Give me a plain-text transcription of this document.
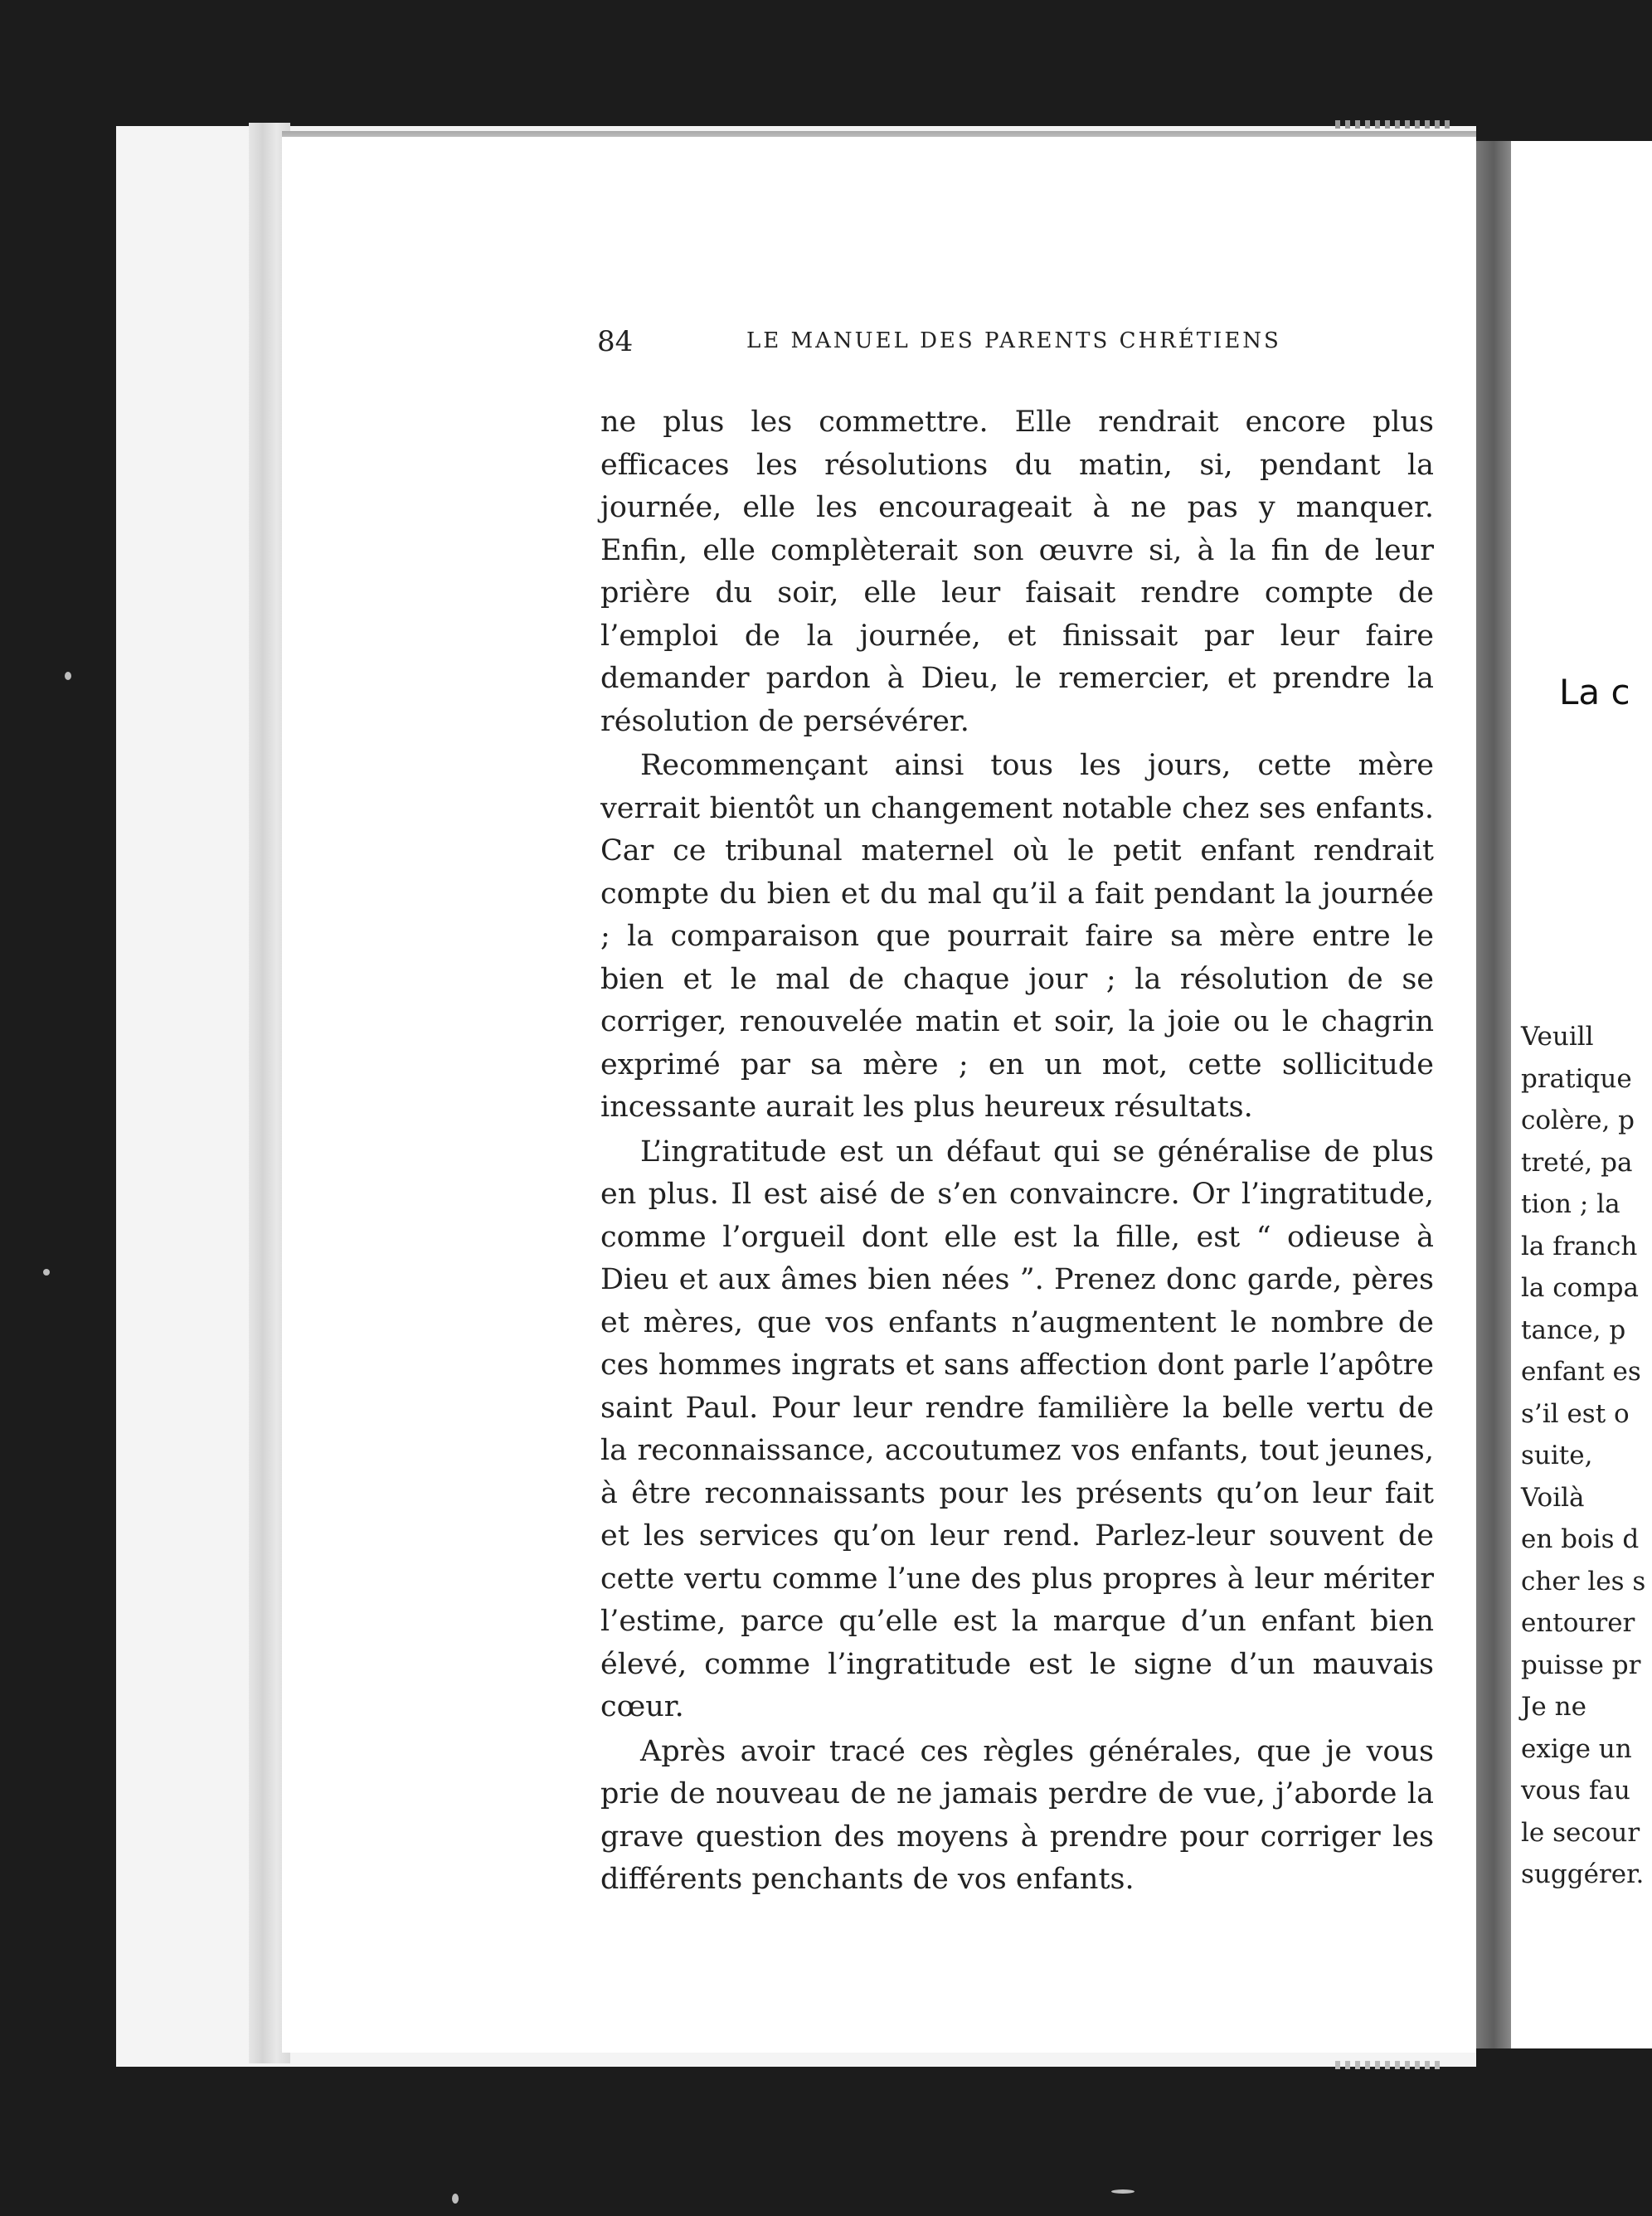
84	LE MANUEL DES PARENTS CHRÉTIENS

ne plus les commettre. Elle rendrait encore plus efficaces les résolutions du matin, si, pendant la journée, elle les encourageait à ne pas y manquer. Enfin, elle complèterait son œuvre si, à la fin de leur prière du soir, elle leur faisait rendre compte de l’emploi de la journée, et finissait par leur faire demander pardon à Dieu, le remercier, et prendre la résolution de persévérer.

Recommençant ainsi tous les jours, cette mère verrait bientôt un changement notable chez ses enfants. Car ce tribunal maternel où le petit enfant rendrait compte du bien et du mal qu’il a fait pendant la journée ; la comparaison que pourrait faire sa mère entre le bien et le mal de chaque jour ; la résolution de se corriger, renouvelée matin et soir, la joie ou le chagrin exprimé par sa mère ; en un mot, cette sollicitude incessante aurait les plus heureux résultats.

L’ingratitude est un défaut qui se généralise de plus en plus. Il est aisé de s’en convaincre. Or l’ingratitude, comme l’orgueil dont elle est la fille, est “ odieuse à Dieu et aux âmes bien nées ”. Prenez donc garde, pères et mères, que vos enfants n’augmentent le nombre de ces hommes ingrats et sans affection dont parle l’apôtre saint Paul. Pour leur rendre familière la belle vertu de la reconnaissance, accoutumez vos enfants, tout jeunes, à être reconnaissants pour les présents qu’on leur fait et les services qu’on leur rend. Parlez-leur souvent de cette vertu comme l’une des plus propres à leur mériter l’estime, parce qu’elle est la marque d’un enfant bien élevé, comme l’ingratitude est le signe d’un mauvais cœur.

Après avoir tracé ces règles générales, que je vous prie de nouveau de ne jamais perdre de vue, j’aborde la grave question des moyens à prendre pour corriger les différents penchants de vos enfants.

La c
Veuill
pratique
colère, p
treté, pa
tion ; la
la franch
la compa
tance, p
enfant es
s’il est o
suite,
Voilà
en bois d
cher les s
entourer
puisse pr
Je ne
exige un
vous fau
le secour
suggérer.
